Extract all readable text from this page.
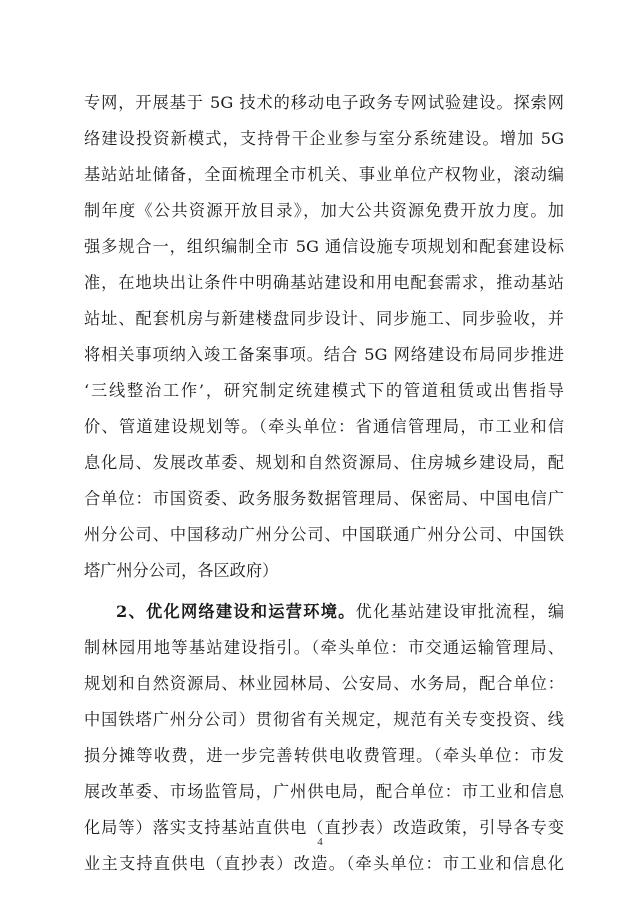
专网，开展基于 5G 技术的移动电子政务专网试验建设。探索网
络建设投资新模式，支持骨干企业参与室分系统建设。增加 5G
基站站址储备，全面梳理全市机关、事业单位产权物业，滚动编
制年度《公共资源开放目录》，加大公共资源免费开放力度。加
强多规合一，组织编制全市 5G 通信设施专项规划和配套建设标
准，在地块出让条件中明确基站建设和用电配套需求，推动基站
站址、配套机房与新建楼盘同步设计、同步施工、同步验收，并
将相关事项纳入竣工备案事项。结合 5G 网络建设布局同步推进
‘三线整治工作’，研究制定统建模式下的管道租赁或出售指导
价、管道建设规划等。（牵头单位：省通信管理局，市工业和信
息化局、发展改革委、规划和自然资源局、住房城乡建设局，配
合单位：市国资委、政务服务数据管理局、保密局、中国电信广
州分公司、中国移动广州分公司、中国联通广州分公司、中国铁
塔广州分公司，各区政府）
2、优化网络建设和运营环境。优化基站建设审批流程，编
制林园用地等基站建设指引。（牵头单位：市交通运输管理局、
规划和自然资源局、林业园林局、公安局、水务局，配合单位：
中国铁塔广州分公司）贯彻省有关规定，规范有关专变投资、线
损分摊等收费，进一步完善转供电收费管理。（牵头单位：市发
展改革委、市场监管局，广州供电局，配合单位：市工业和信息
化局等）落实支持基站直供电（直抄表）改造政策，引导各专变
业主支持直供电（直抄表）改造。（牵头单位：市工业和信息化
4
